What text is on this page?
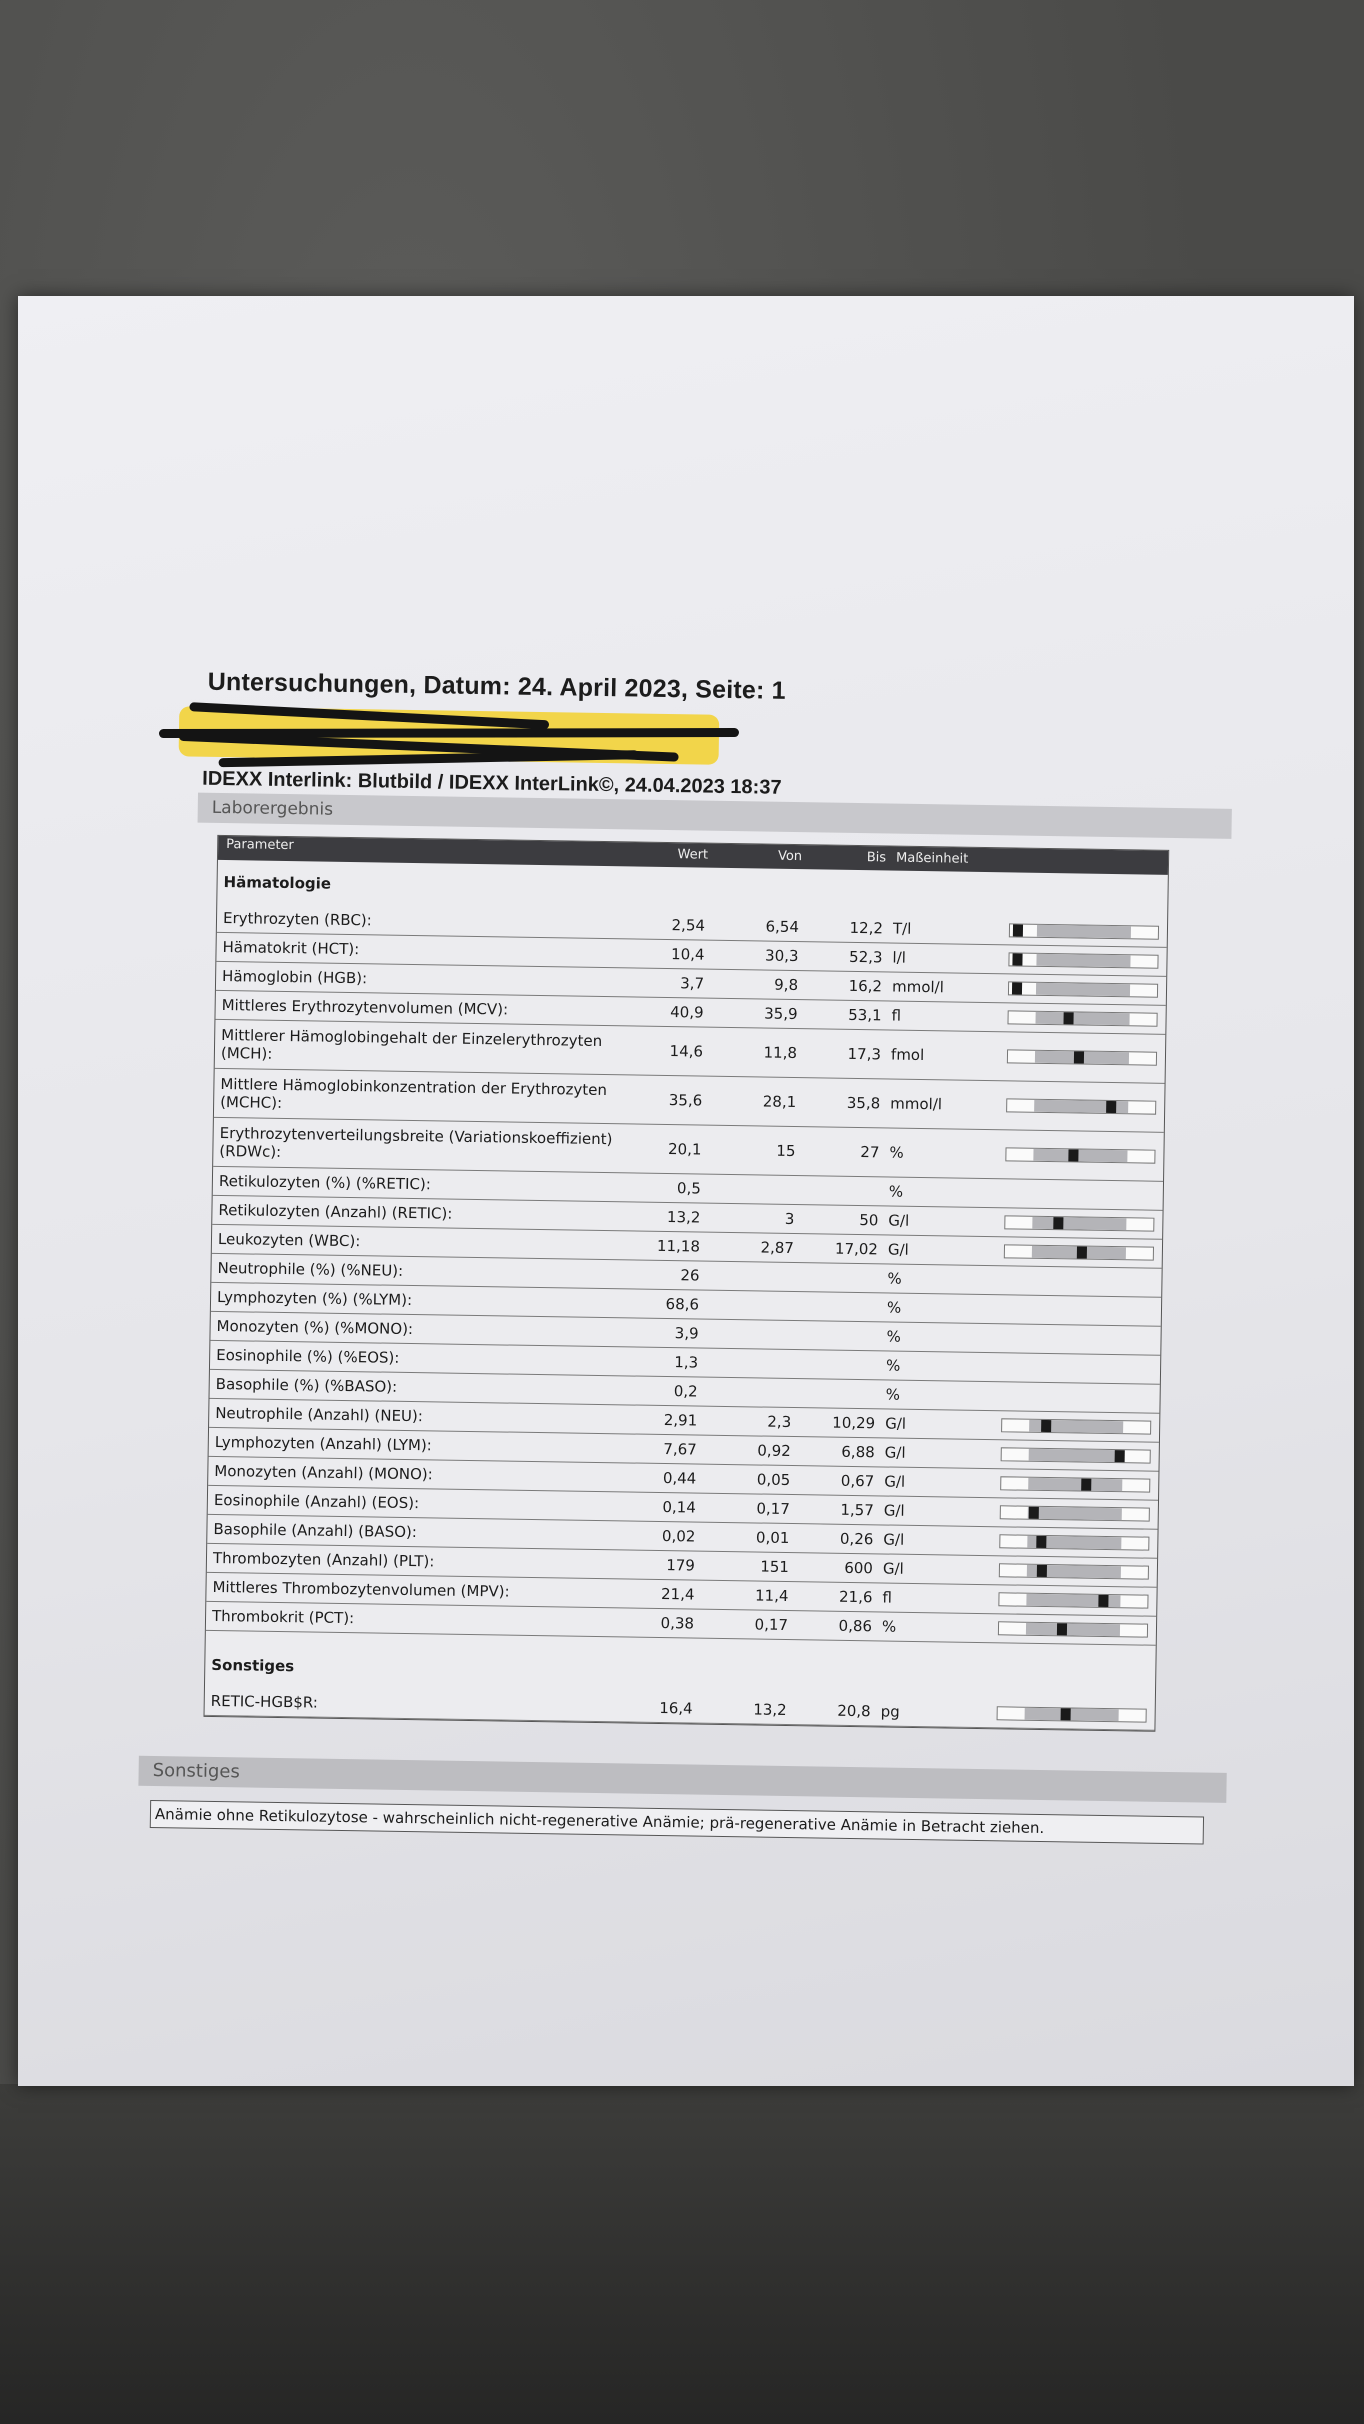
Untersuchungen, Datum: 24. April 2023, Seite: 1
IDEXX Interlink: Blutbild / IDEXX InterLink©, 24.04.2023 18:37
Laborergebnis
Parameter
Wert	Von	Bis Maßeinheit
Hämatologie
Erythrozyten (RBC):	2,54	6,54	12,2 T/l
Hämatokrit (HCT):	10,4	30,3	52,3 l/l
Hämoglobin (HGB):	3,7	9,8	16,2 mmol/l
Mittleres Erythrozytenvolumen (MCV):	40,9	35,9	53,1 fl
Mittlerer Hämoglobingehalt der Einzelerythrozyten (MCH):	14,6	11,8	17,3 fmol
Mittlere Hämoglobinkonzentration der Erythrozyten (MCHC):	35,6	28,1	35,8 mmol/l
Erythrozytenverteilungsbreite (Variationskoeffizient) (RDWc):	20,1	15	27 %
Retikulozyten (%) (%RETIC):	0,5	%
Retikulozyten (Anzahl) (RETIC):	13,2	3	50 G/l
Leukozyten (WBC):	11,18	2,87	17,02 G/l
Neutrophile (%) (%NEU):	26	%
Lymphozyten (%) (%LYM):	68,6	%
Monozyten (%) (%MONO):	3,9	%
Eosinophile (%) (%EOS):	1,3	%
Basophile (%) (%BASO):	0,2	%
Neutrophile (Anzahl) (NEU):	2,91	2,3	10,29 G/l
Lymphozyten (Anzahl) (LYM):	7,67	0,92	6,88 G/l
Monozyten (Anzahl) (MONO):	0,44	0,05	0,67 G/l
Eosinophile (Anzahl) (EOS):	0,14	0,17	1,57 G/l
Basophile (Anzahl) (BASO):	0,02	0,01	0,26 G/l
Thrombozyten (Anzahl) (PLT):	179	151	600 G/l
Mittleres Thrombozytenvolumen (MPV):	21,4	11,4	21,6 fl
Thrombokrit (PCT):	0,38	0,17	0,86 %
Sonstiges
RETIC-HGB$R:	16,4	13,2	20,8 pg
Sonstiges
Anämie ohne Retikulozytose - wahrscheinlich nicht-regenerative Anämie; prä-regenerative Anämie in Betracht ziehen.
